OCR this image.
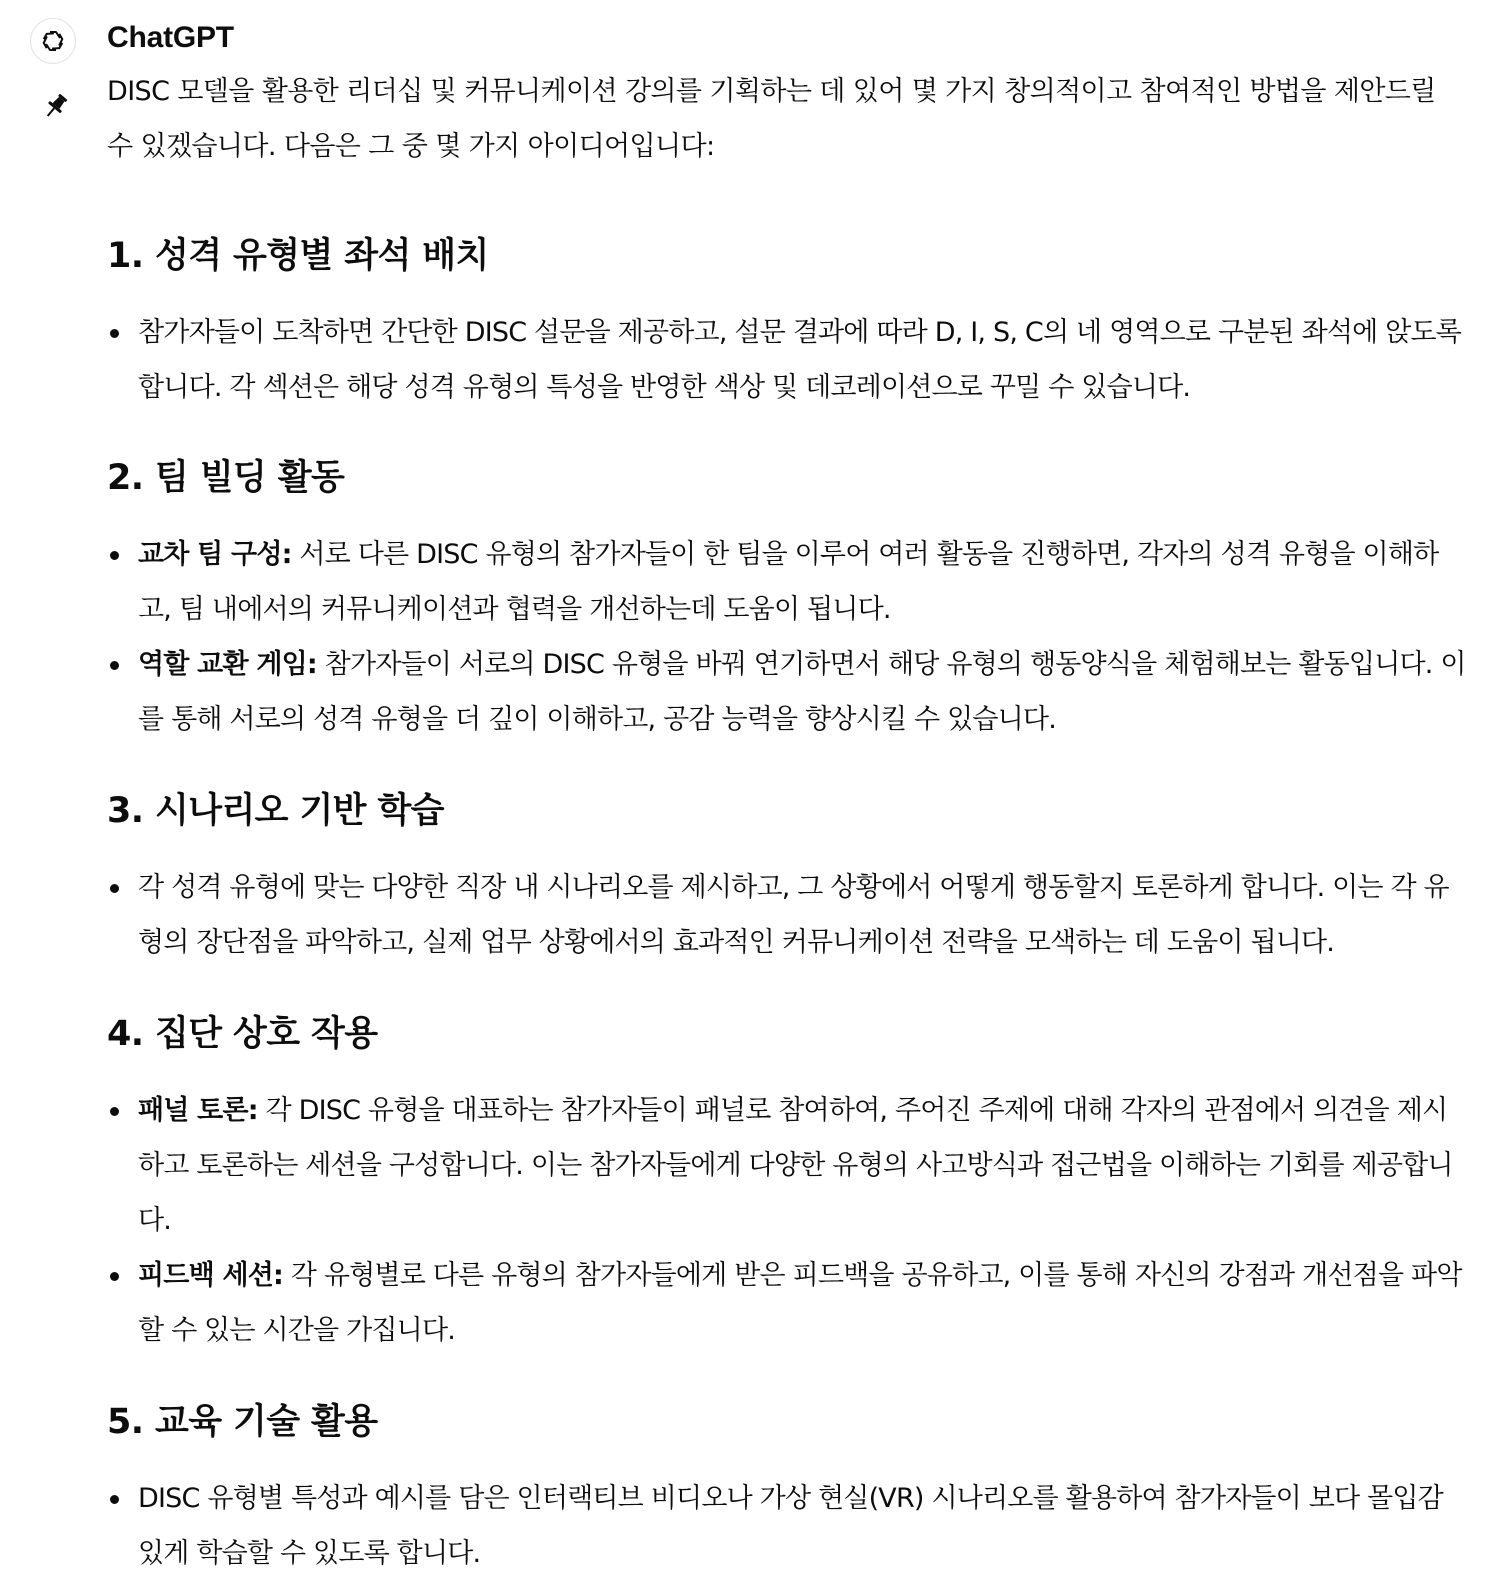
ChatGPT

DISC 모델을 활용한 리더십 및 커뮤니케이션 강의를 기획하는 데 있어 몇 가지 창의적이고 참여적인 방법을 제안드릴 수 있겠습니다. 다음은 그 중 몇 가지 아이디어입니다:

1. 성격 유형별 좌석 배치
참가자들이 도착하면 간단한 DISC 설문을 제공하고, 설문 결과에 따라 D, I, S, C의 네 영역으로 구분된 좌석에 앉도록 합니다. 각 섹션은 해당 성격 유형의 특성을 반영한 색상 및 데코레이션으로 꾸밀 수 있습니다.
2. 팀 빌딩 활동
교차 팀 구성: 서로 다른 DISC 유형의 참가자들이 한 팀을 이루어 여러 활동을 진행하면, 각자의 성격 유형을 이해하고, 팀 내에서의 커뮤니케이션과 협력을 개선하는데 도움이 됩니다.
역할 교환 게임: 참가자들이 서로의 DISC 유형을 바꿔 연기하면서 해당 유형의 행동양식을 체험해보는 활동입니다. 이를 통해 서로의 성격 유형을 더 깊이 이해하고, 공감 능력을 향상시킬 수 있습니다.
3. 시나리오 기반 학습
각 성격 유형에 맞는 다양한 직장 내 시나리오를 제시하고, 그 상황에서 어떻게 행동할지 토론하게 합니다. 이는 각 유형의 장단점을 파악하고, 실제 업무 상황에서의 효과적인 커뮤니케이션 전략을 모색하는 데 도움이 됩니다.
4. 집단 상호 작용
패널 토론: 각 DISC 유형을 대표하는 참가자들이 패널로 참여하여, 주어진 주제에 대해 각자의 관점에서 의견을 제시하고 토론하는 세션을 구성합니다. 이는 참가자들에게 다양한 유형의 사고방식과 접근법을 이해하는 기회를 제공합니다.
피드백 세션: 각 유형별로 다른 유형의 참가자들에게 받은 피드백을 공유하고, 이를 통해 자신의 강점과 개선점을 파악할 수 있는 시간을 가집니다.
5. 교육 기술 활용
DISC 유형별 특성과 예시를 담은 인터랙티브 비디오나 가상 현실(VR) 시나리오를 활용하여 참가자들이 보다 몰입감 있게 학습할 수 있도록 합니다.
